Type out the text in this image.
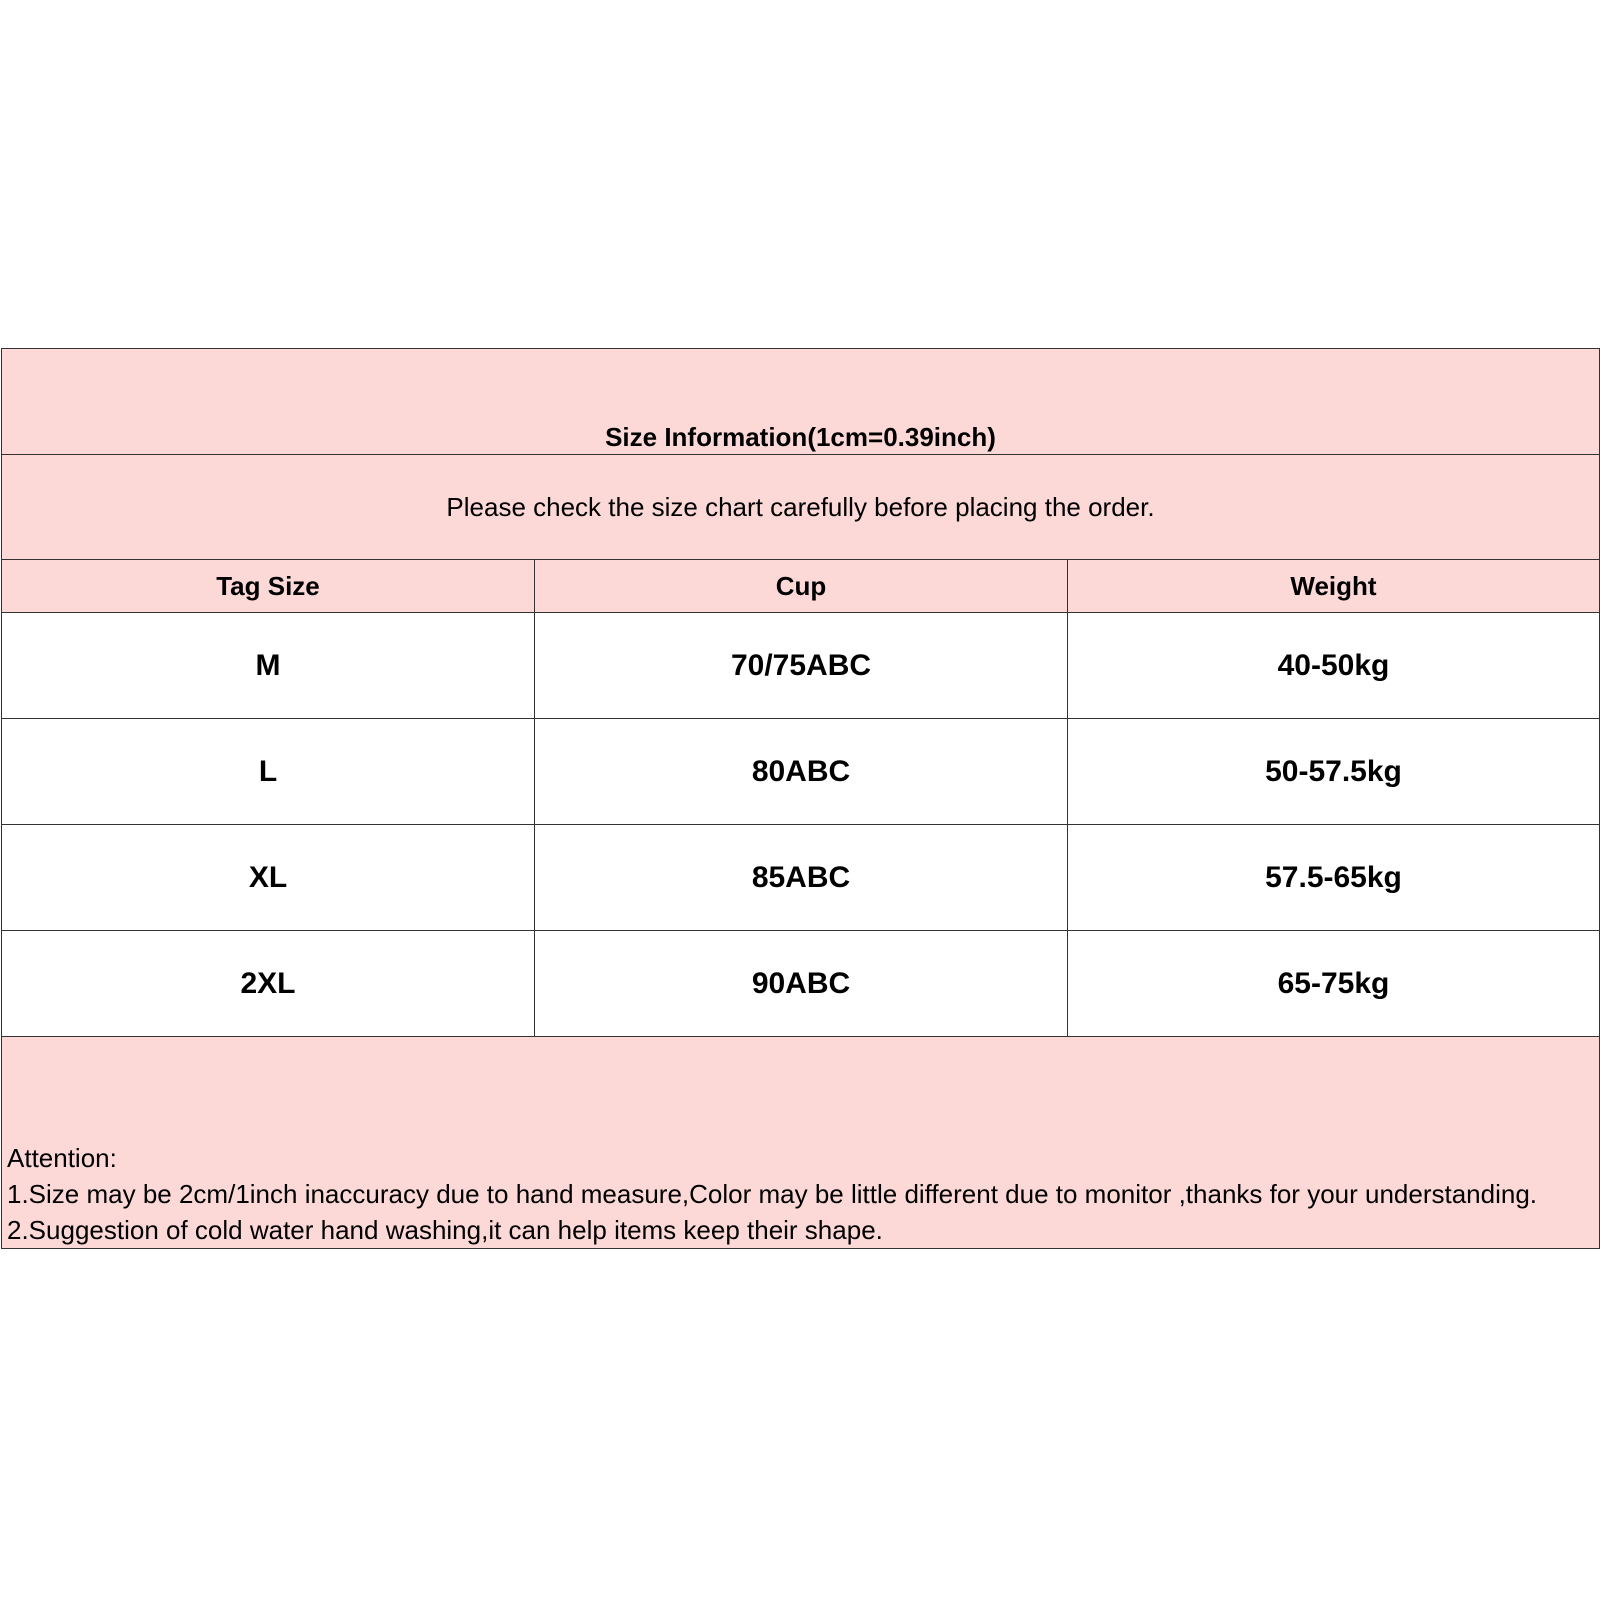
Size Information(1cm=0.39inch)		
Please check the size chart carefully before placing the order.		
Tag Size	Cup	Weight
M	70/75ABC	40-50kg
L	80ABC	50-57.5kg
XL	85ABC	57.5-65kg
2XL	90ABC	65-75kg

Attention:
1.Size may be 2cm/1inch inaccuracy due to hand measure,Color may be little different due to monitor ,thanks for your understanding.
2.Suggestion of cold water hand washing,it can help items keep their shape.		
